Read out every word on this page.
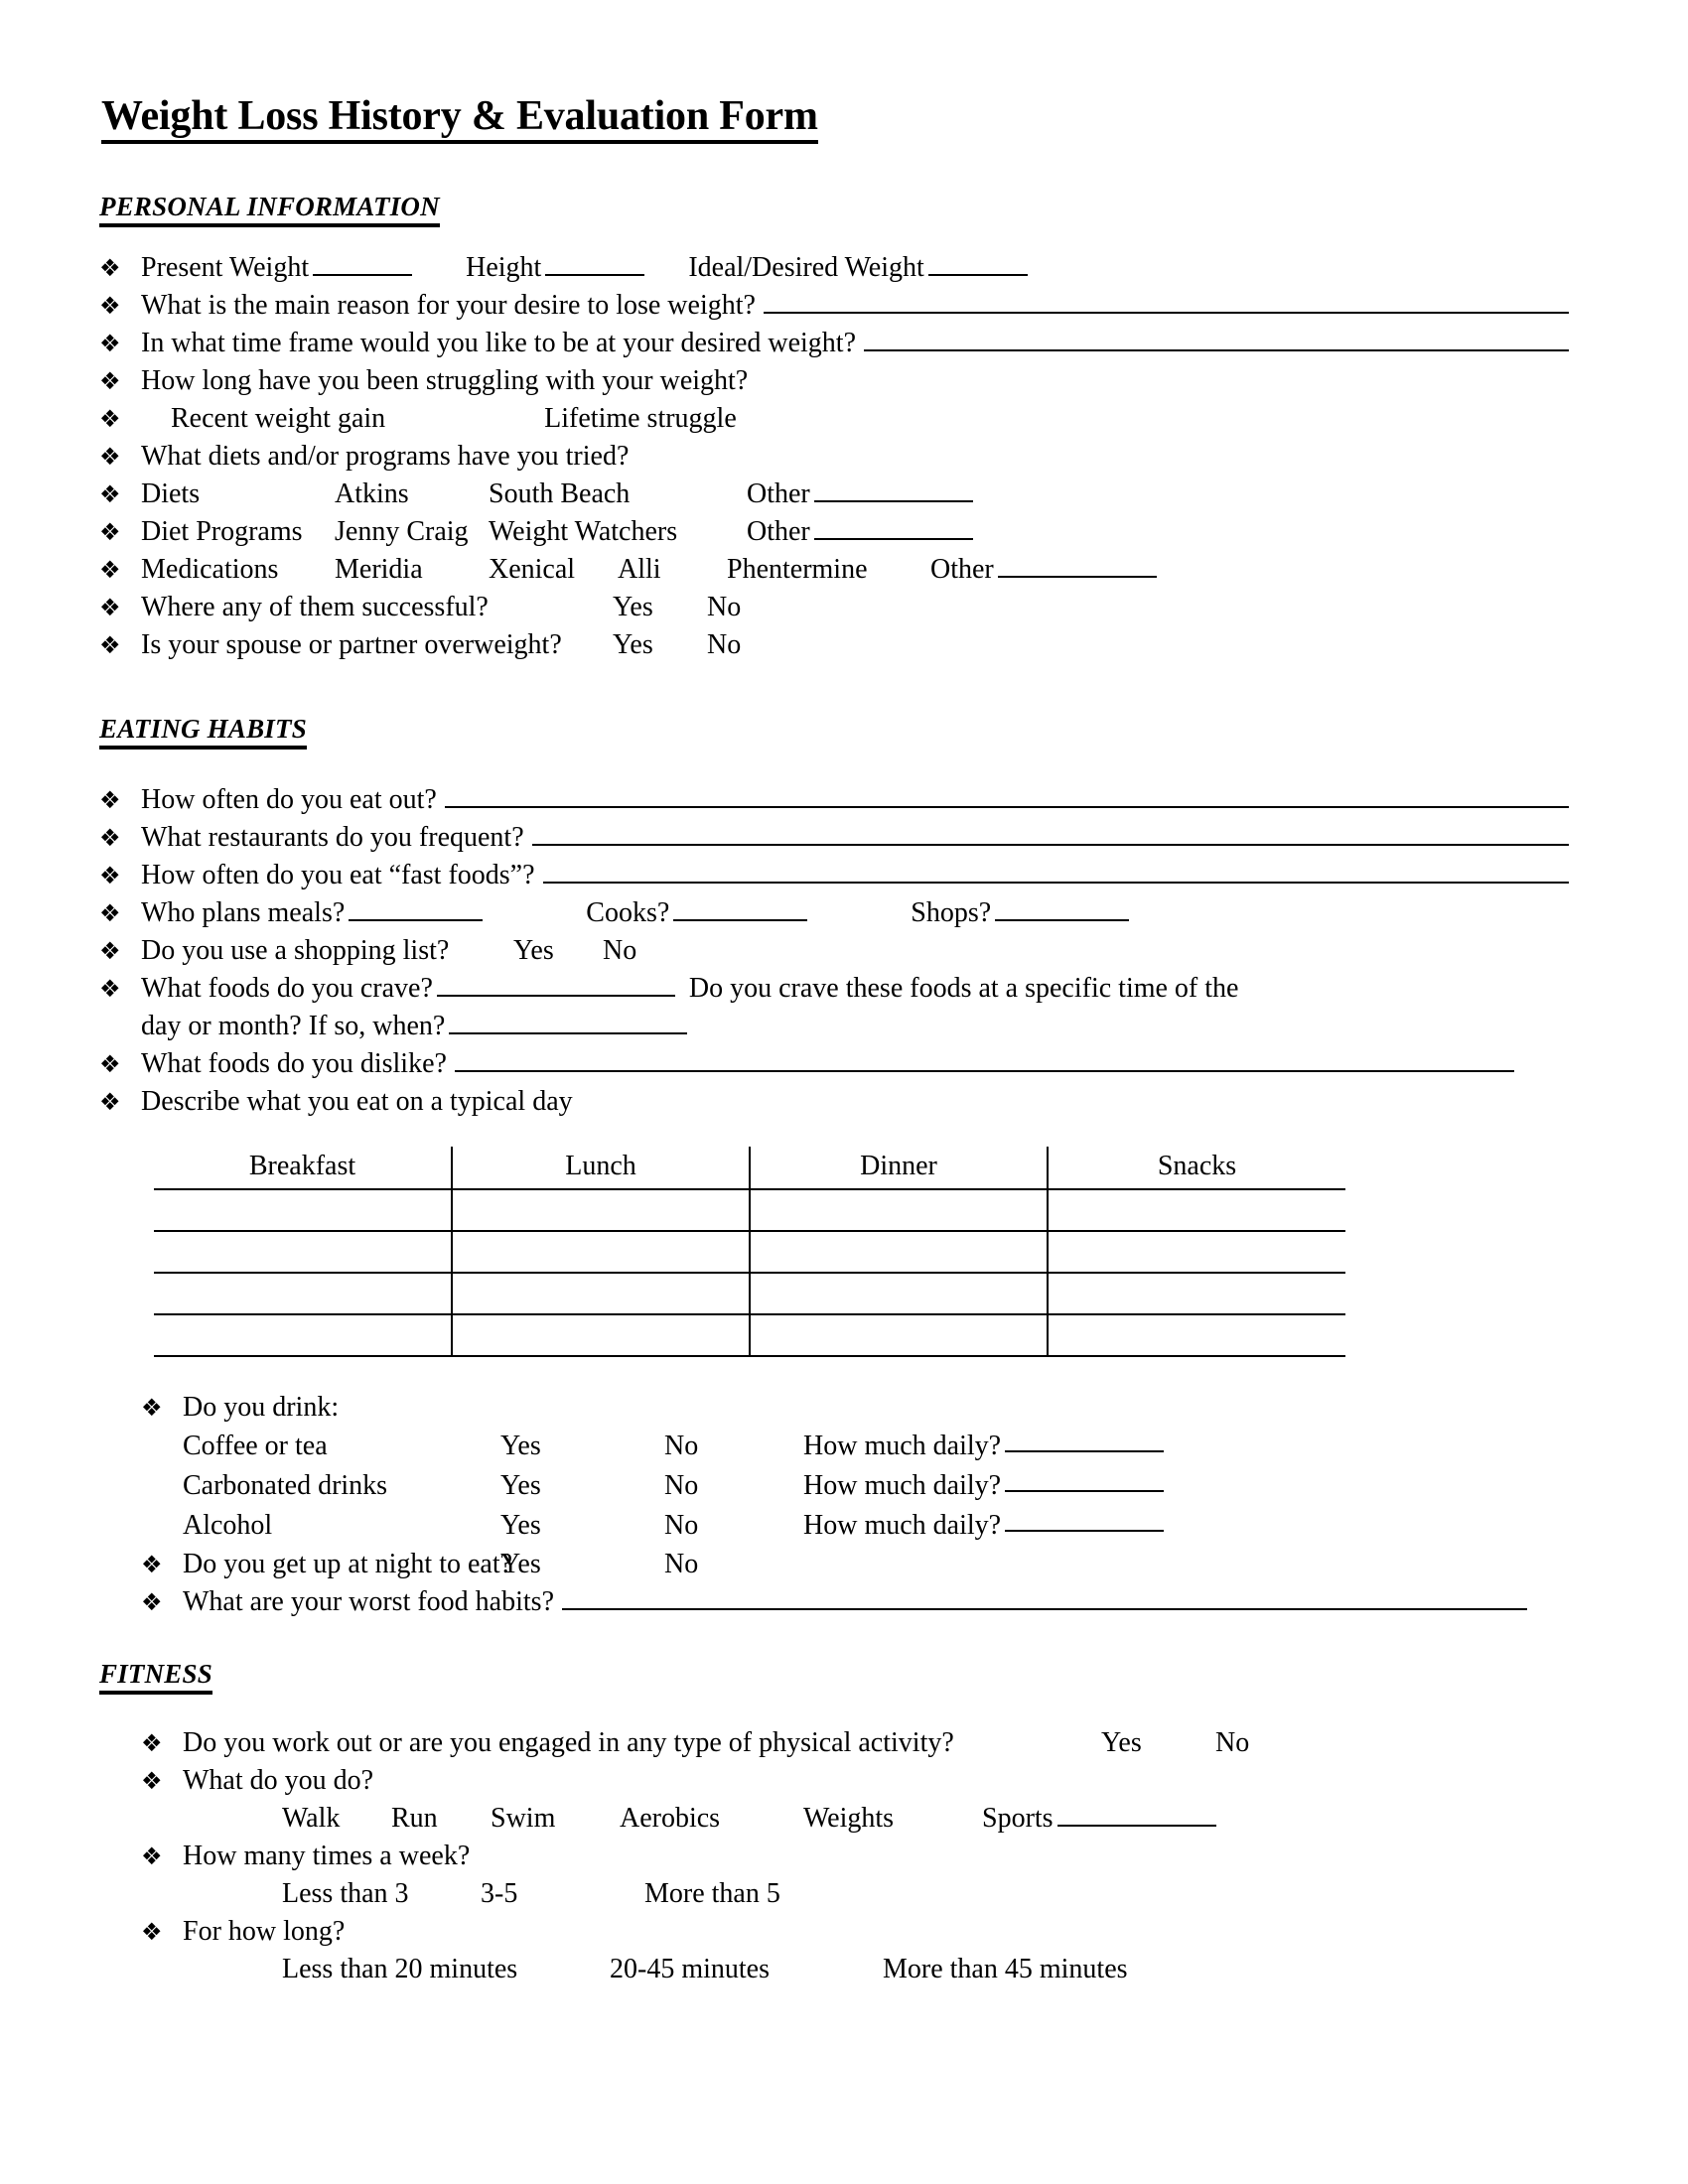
Weight Loss History & Evaluation Form
PERSONAL INFORMATION
❖ Present Weight	Height	Ideal/Desired Weight
❖ What is the main reason for your desire to lose weight?
❖ In what time frame would you like to be at your desired weight?
❖ How long have you been struggling with your weight?
❖	Recent weight gain	Lifetime struggle
❖ What diets and/or programs have you tried?
❖ Diets	Atkins	South Beach	Other
❖ Diet Programs	Jenny Craig Weight Watchers	Other
❖ Medications	Meridia	Xenical	Alli	Phentermine	Other
❖ Where any of them successful?	Yes	No
❖ Is your spouse or partner overweight?	Yes	No
EATING HABITS
❖ How often do you eat out?
❖ What restaurants do you frequent?
❖ How often do you eat “fast foods”?
❖ Who plans meals?	Cooks?	Shops?
❖ Do you use a shopping list?	Yes	No
❖ What foods do you crave?	Do you crave these foods at a specific time of the
day or month? If so, when?
❖ What foods do you dislike?
❖ Describe what you eat on a typical day
Breakfast	Lunch	Dinner	Snacks

❖ Do you drink:
Coffee or tea	Yes	No	How much daily?
Carbonated drinks	Yes	No	How much daily?
Alcohol	Yes	No	How much daily?
❖ Do you get up at night to eat?
Yes	No
❖ What are your worst food habits?
FITNESS
❖ Do you work out or are you engaged in any type of physical activity?	Yes	No
❖ What do you do?
Walk	Run	Swim	Aerobics	Weights	Sports
❖ How many times a week?
Less than 3	3-5	More than 5
❖ For how long?
Less than 20 minutes	20-45 minutes	More than 45 minutes
